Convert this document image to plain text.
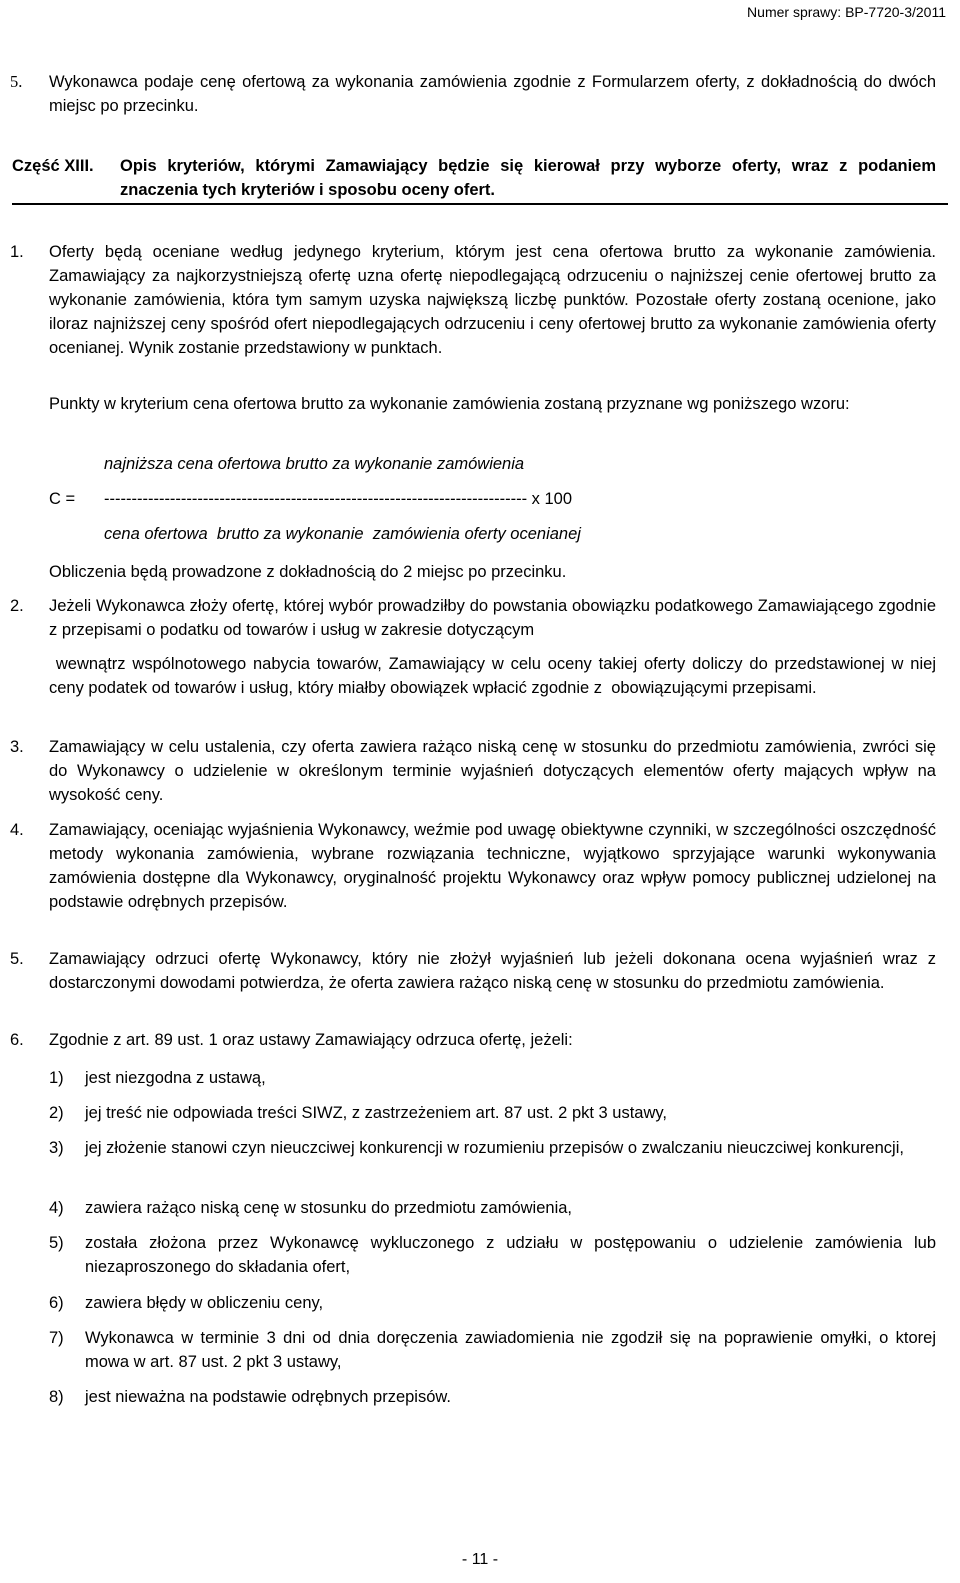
Numer sprawy: BP-7720-3/2011
5.	Wykonawca podaje cenę ofertową za wykonania zamówienia zgodnie z Formularzem oferty, z dokładnością do dwóch miejsc po przecinku.
Część XIII. Opis kryteriów, którymi Zamawiający będzie się kierował przy wyborze oferty, wraz z podaniem znaczenia tych kryteriów i sposobu oceny ofert.
1.	Oferty będą oceniane według jedynego kryterium, którym jest cena ofertowa brutto za wykonanie zamówienia. Zamawiający za najkorzystniejszą ofertę uzna ofertę niepodlegającą odrzuceniu o najniższej cenie ofertowej brutto za wykonanie zamówienia, która tym samym uzyska największą liczbę punktów. Pozostałe oferty zostaną ocenione, jako iloraz najniższej ceny spośród ofert niepodlegających odrzuceniu i ceny ofertowej brutto za wykonanie zamówienia oferty ocenianej. Wynik zostanie przedstawiony w punktach.
Punkty w kryterium cena ofertowa brutto za wykonanie zamówienia zostaną przyznane wg poniższego wzoru:
najniższa cena ofertowa brutto za wykonanie zamówienia
C = ----------------------------------------------------------------------------- x 100
cena ofertowa  brutto za wykonanie  zamówienia oferty ocenianej
Obliczenia będą prowadzone z dokładnością do 2 miejsc po przecinku.
2.	Jeżeli Wykonawca złoży ofertę, której wybór prowadziłby do powstania obowiązku podatkowego Zamawiającego zgodnie z przepisami o podatku od towarów i usług w zakresie dotyczącym
wewnątrz wspólnotowego nabycia towarów, Zamawiający w celu oceny takiej oferty doliczy do przedstawionej w niej ceny podatek od towarów i usług, który miałby obowiązek wpłacić zgodnie z  obowiązującymi przepisami.
3.	Zamawiający w celu ustalenia, czy oferta zawiera rażąco niską cenę w stosunku do przedmiotu zamówienia, zwróci się do Wykonawcy o udzielenie w określonym terminie wyjaśnień dotyczących elementów oferty mających wpływ na wysokość ceny.
4.	Zamawiający, oceniając wyjaśnienia Wykonawcy, weźmie pod uwagę obiektywne czynniki, w szczególności oszczędność metody wykonania zamówienia, wybrane rozwiązania techniczne, wyjątkowo sprzyjające warunki wykonywania zamówienia dostępne dla Wykonawcy, oryginalność projektu Wykonawcy oraz wpływ pomocy publicznej udzielonej na podstawie odrębnych przepisów.
5.	Zamawiający odrzuci ofertę Wykonawcy, który nie złożył wyjaśnień lub jeżeli dokonana ocena wyjaśnień wraz z dostarczonymi dowodami potwierdza, że oferta zawiera rażąco niską cenę w stosunku do przedmiotu zamówienia.
6.	Zgodnie z art. 89 ust. 1 oraz ustawy Zamawiający odrzuca ofertę, jeżeli:
1)	jest niezgodna z ustawą,
2)	jej treść nie odpowiada treści SIWZ, z zastrzeżeniem art. 87 ust. 2 pkt 3 ustawy,
3)	jej złożenie stanowi czyn nieuczciwej konkurencji w rozumieniu przepisów o zwalczaniu nieuczciwej konkurencji,
4)	zawiera rażąco niską cenę w stosunku do przedmiotu zamówienia,
5)	została złożona przez Wykonawcę wykluczonego z udziału w postępowaniu o udzielenie zamówienia lub niezaproszonego do składania ofert,
6)	zawiera błędy w obliczeniu ceny,
7)	Wykonawca w terminie 3 dni od dnia doręczenia zawiadomienia nie zgodził się na poprawienie omyłki, o ktorej mowa w art. 87 ust. 2 pkt 3 ustawy,
8)	jest nieważna na podstawie odrębnych przepisów.
- 11 -
